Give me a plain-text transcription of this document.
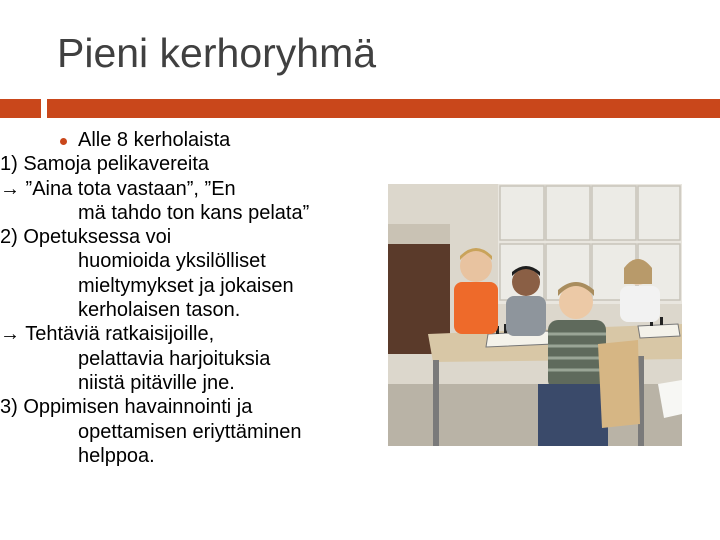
Pieni kerhoryhmä
Alle 8 kerholaista
1) Samoja pelikavereita
→ ”Aina tota vastaan”, ”En
mä tahdo ton kans pelata”
2) Opetuksessa voi
huomioida yksilölliset
mieltymykset ja jokaisen
kerholaisen tason.
→ Tehtäviä ratkaisijoille,
pelattavia harjoituksia
niistä pitäville jne.
3) Oppimisen havainnointi ja
opettamisen eriyttäminen
helppoa.
